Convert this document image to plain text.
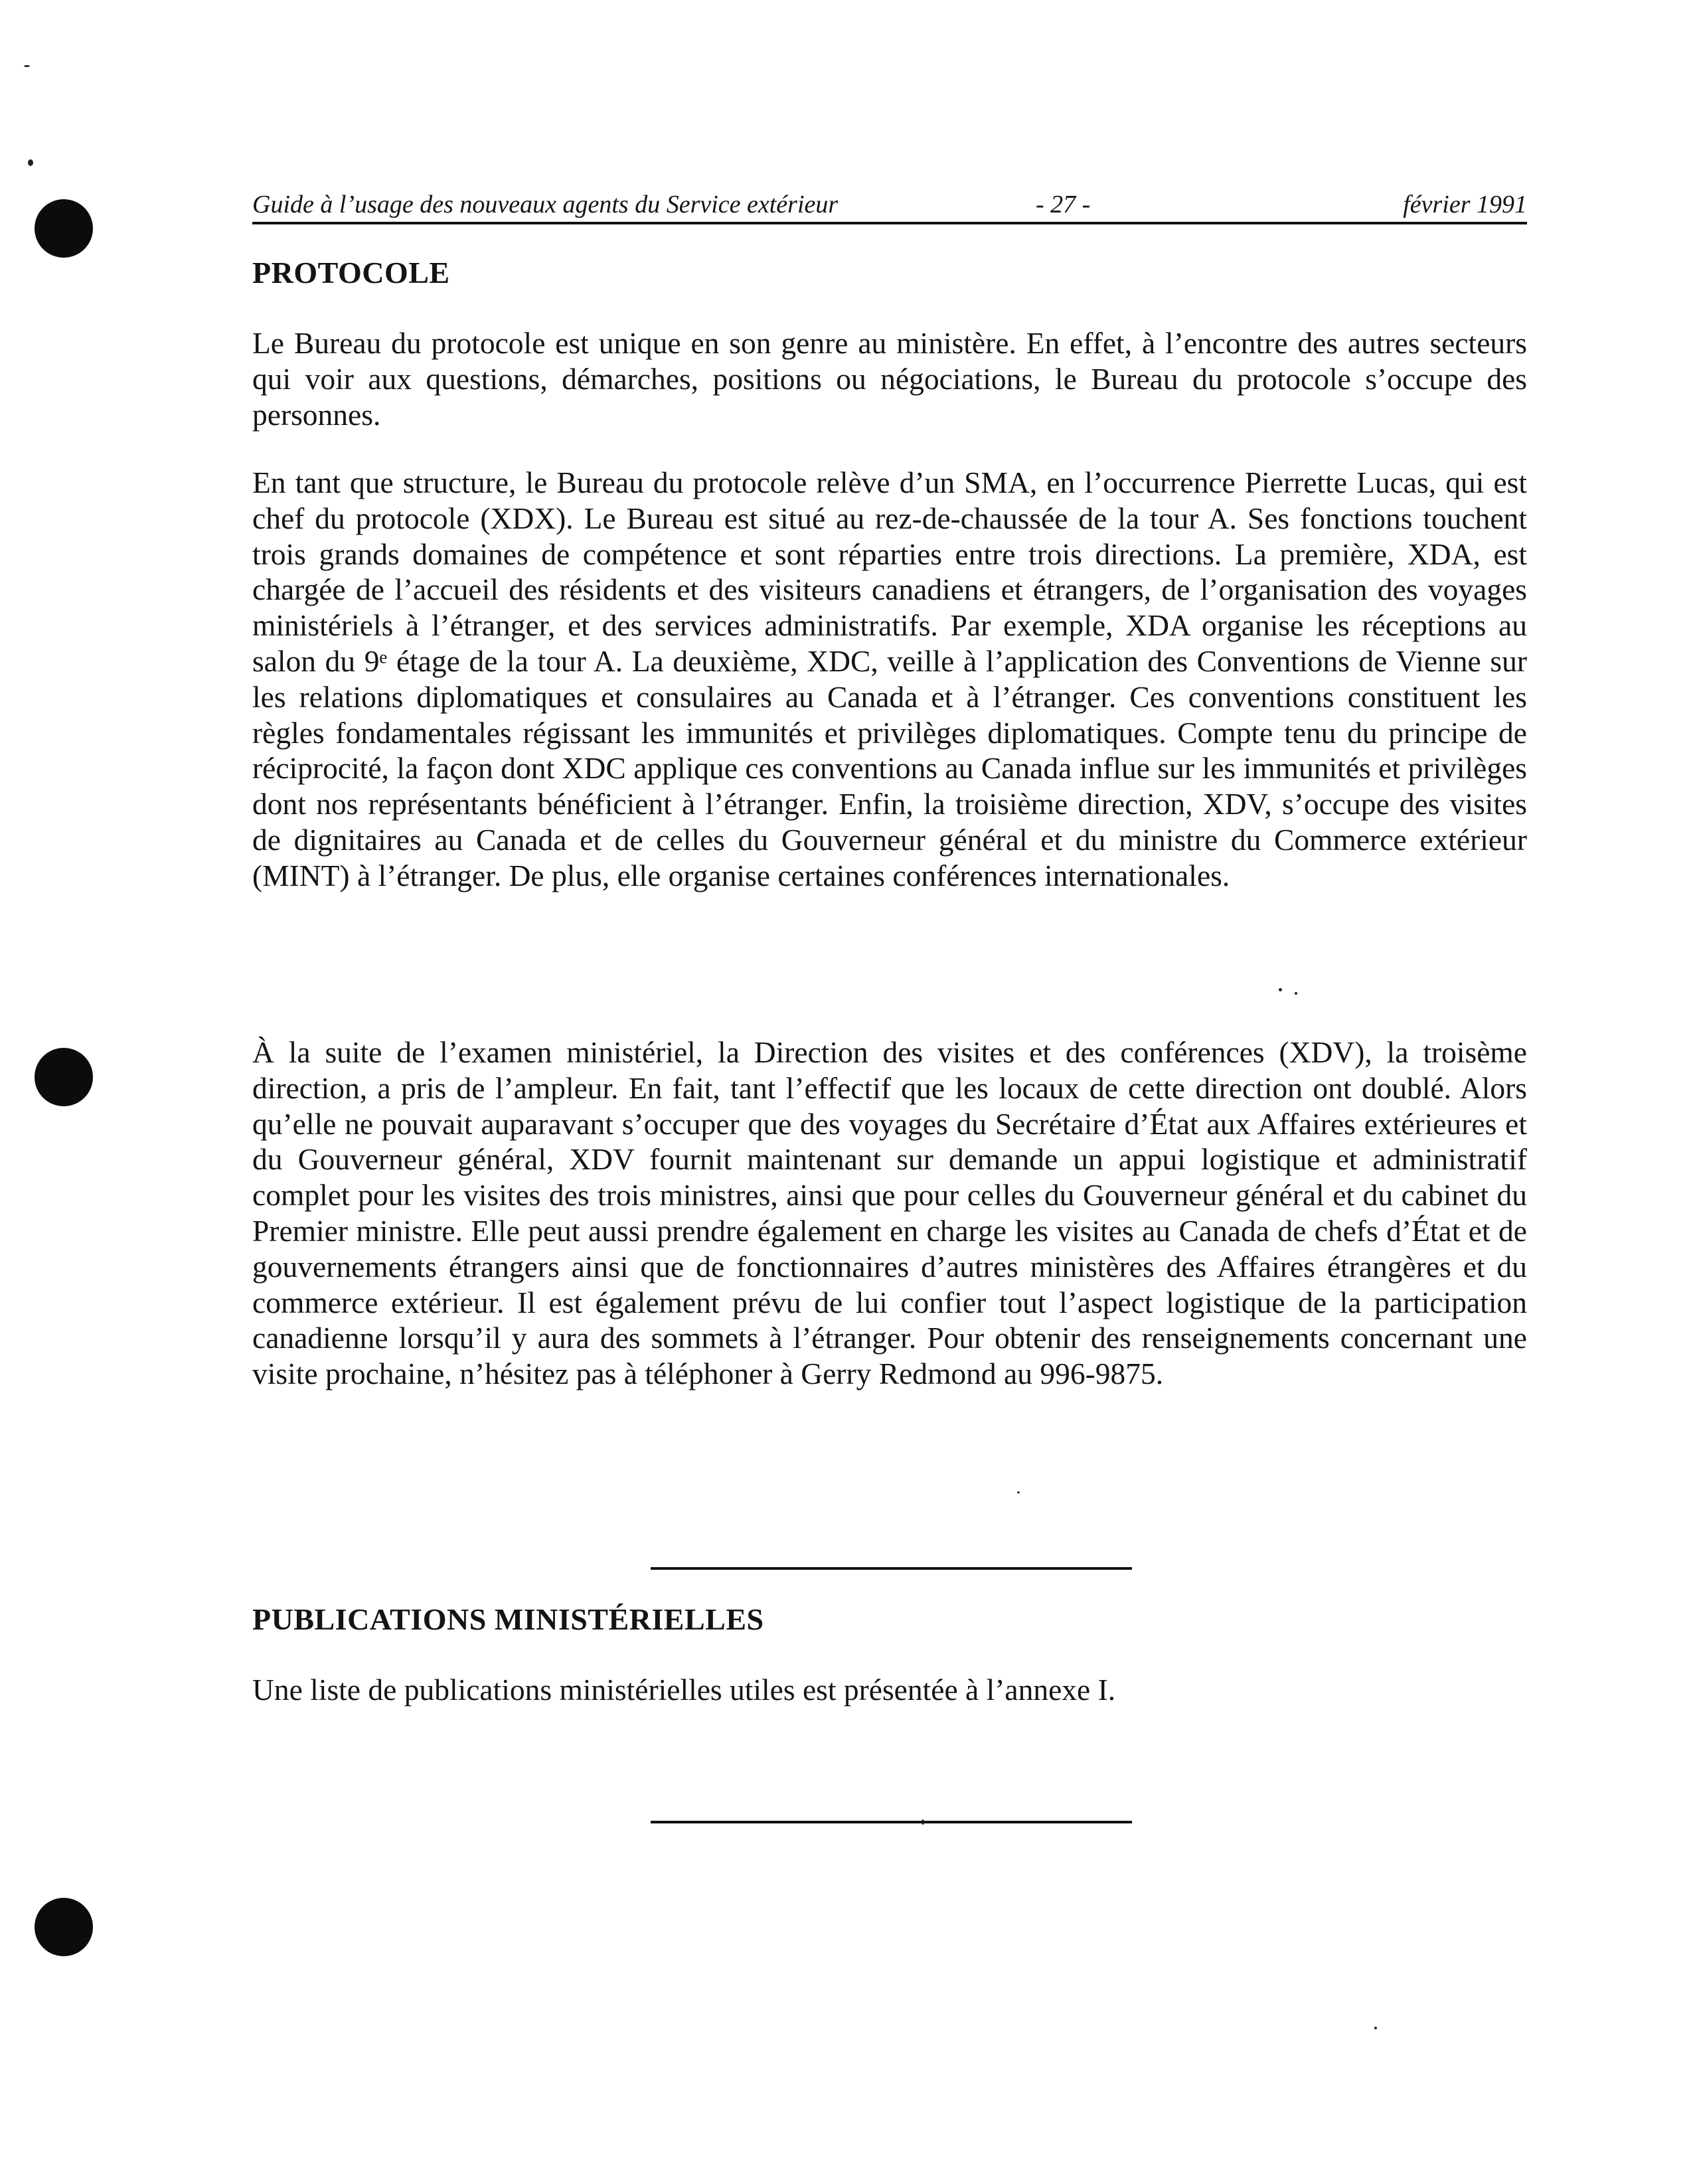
Guide à l’usage des nouveaux agents du Service extérieur	- 27 -	février 1991
PROTOCOLE

Le Bureau du protocole est unique en son genre au ministère. En effet, à l’encontre des autres secteurs qui voir aux questions, démarches, positions ou négociations, le Bureau du protocole s’occupe des personnes.

En tant que structure, le Bureau du protocole relève d’un SMA, en l’occurrence Pierrette Lucas, qui est chef du protocole (XDX). Le Bureau est situé au rez-de-chaussée de la tour A. Ses fonctions touchent trois grands domaines de compétence et sont réparties entre trois directions. La première, XDA, est chargée de l’accueil des résidents et des visiteurs canadiens et étrangers, de l’organisation des voyages ministériels à l’étranger, et des services administratifs. Par exemple, XDA organise les réceptions au salon du 9ᵉ étage de la tour A. La deuxième, XDC, veille à l’application des Conventions de Vienne sur les relations diplomatiques et consulaires au Canada et à l’étranger. Ces conventions constituent les règles fondamentales régissant les immunités et privilèges diplomatiques. Compte tenu du principe de réciprocité, la façon dont XDC applique ces conventions au Canada influe sur les immunités et privilèges dont nos représentants bénéficient à l’étranger. Enfin, la troisième direction, XDV, s’occupe des visites de dignitaires au Canada et de celles du Gouverneur général et du ministre du Commerce extérieur (MINT) à l’étranger. De plus, elle organise certaines conférences internationales.

À la suite de l’examen ministériel, la Direction des visites et des conférences (XDV), la troisème direction, a pris de l’ampleur. En fait, tant l’effectif que les locaux de cette direction ont doublé. Alors qu’elle ne pouvait auparavant s’occuper que des voyages du Secrétaire d’État aux Affaires extérieures et du Gouverneur général, XDV fournit maintenant sur demande un appui logistique et administratif complet pour les visites des trois ministres, ainsi que pour celles du Gouverneur général et du cabinet du Premier ministre. Elle peut aussi prendre également en charge les visites au Canada de chefs d’État et de gouvernements étrangers ainsi que de fonctionnaires d’autres ministères des Affaires étrangères et du commerce extérieur. Il est également prévu de lui confier tout l’aspect logistique de la participation canadienne lorsqu’il y aura des sommets à l’étranger. Pour obtenir des renseignements concernant une visite prochaine, n’hésitez pas à téléphoner à Gerry Redmond au 996-9875.

PUBLICATIONS MINISTÉRIELLES

Une liste de publications ministérielles utiles est présentée à l’annexe I.
